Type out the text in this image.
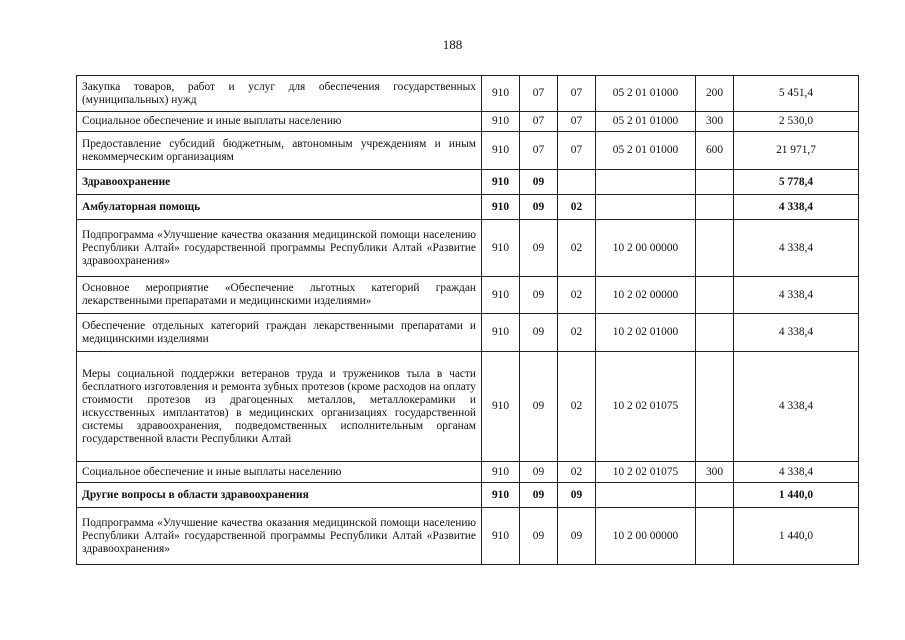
188
Закупка товаров, работ и услуг для обеспечения государственных (муниципальных) нужд	910	07	07	05 2 01 01000	200	5 451,4
Социальное обеспечение и иные выплаты населению	910	07	07	05 2 01 01000	300	2 530,0
Предоставление субсидий бюджетным, автономным учреждениям и иным некоммерческим организациям	910	07	07	05 2 01 01000	600	21 971,7
Здравоохранение	910	09				5 778,4
Амбулаторная помощь	910	09	02			4 338,4
Подпрограмма «Улучшение качества оказания медицинской помощи населению Республики Алтай» государственной программы Республики Алтай «Развитие здравоохранения»	910	09	02	10 2 00 00000		4 338,4
Основное мероприятие «Обеспечение льготных категорий граждан лекарственными препаратами и медицинскими изделиями»	910	09	02	10 2 02 00000		4 338,4
Обеспечение отдельных категорий граждан лекарственными препаратами и медицинскими изделиями	910	09	02	10 2 02 01000		4 338,4
Меры социальной поддержки ветеранов труда и тружеников тыла в части бесплатного изготовления и ремонта зубных протезов (кроме расходов на оплату стоимости протезов из драгоценных металлов, металлокерамики и искусственных имплантатов) в медицинских организациях государственной системы здравоохранения, подведомственных исполнительным органам государственной власти Республики Алтай	910	09	02	10 2 02 01075		4 338,4
Социальное обеспечение и иные выплаты населению	910	09	02	10 2 02 01075	300	4 338,4
Другие вопросы в области здравоохранения	910	09	09			1 440,0
Подпрограмма «Улучшение качества оказания медицинской помощи населению Республики Алтай» государственной программы Республики Алтай «Развитие здравоохранения»	910	09	09	10 2 00 00000		1 440,0
